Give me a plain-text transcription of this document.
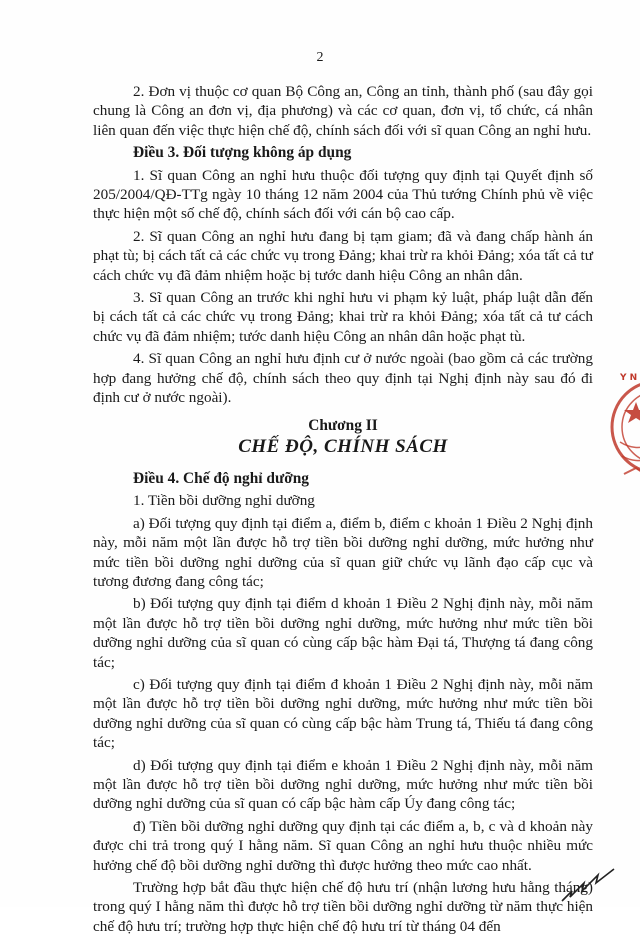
2

2. Đơn vị thuộc cơ quan Bộ Công an, Công an tỉnh, thành phố (sau đây gọi chung là Công an đơn vị, địa phương) và các cơ quan, đơn vị, tổ chức, cá nhân liên quan đến việc thực hiện chế độ, chính sách đối với sĩ quan Công an nghỉ hưu.

Điều 3. Đối tượng không áp dụng

1. Sĩ quan Công an nghỉ hưu thuộc đối tượng quy định tại Quyết định số 205/2004/QĐ-TTg ngày 10 tháng 12 năm 2004 của Thủ tướng Chính phủ về việc thực hiện một số chế độ, chính sách đối với cán bộ cao cấp.

2. Sĩ quan Công an nghỉ hưu đang bị tạm giam; đã và đang chấp hành án phạt tù; bị cách tất cả các chức vụ trong Đảng; khai trừ ra khỏi Đảng; xóa tất cả tư cách chức vụ đã đảm nhiệm hoặc bị tước danh hiệu Công an nhân dân.

3. Sĩ quan Công an trước khi nghỉ hưu vi phạm kỷ luật, pháp luật dẫn đến bị cách tất cả các chức vụ trong Đảng; khai trừ ra khỏi Đảng; xóa tất cả tư cách chức vụ đã đảm nhiệm; tước danh hiệu Công an nhân dân hoặc phạt tù.

4. Sĩ quan Công an nghỉ hưu định cư ở nước ngoài (bao gồm cả các trường hợp đang hưởng chế độ, chính sách theo quy định tại Nghị định này sau đó đi định cư ở nước ngoài).

Chương II

CHẾ ĐỘ, CHÍNH SÁCH

Điều 4. Chế độ nghỉ dưỡng

1. Tiền bồi dưỡng nghỉ dưỡng

a) Đối tượng quy định tại điểm a, điểm b, điểm c khoản 1 Điều 2 Nghị định này, mỗi năm một lần được hỗ trợ tiền bồi dưỡng nghỉ dưỡng, mức hưởng như mức tiền bồi dưỡng nghỉ dưỡng của sĩ quan giữ chức vụ lãnh đạo cấp cục và tương đương đang công tác;

b) Đối tượng quy định tại điểm d khoản 1 Điều 2 Nghị định này, mỗi năm một lần được hỗ trợ tiền bồi dưỡng nghỉ dưỡng, mức hưởng như mức tiền bồi dưỡng nghỉ dưỡng của sĩ quan có cùng cấp bậc hàm Đại tá, Thượng tá đang công tác;

c) Đối tượng quy định tại điểm đ khoản 1 Điều 2 Nghị định này, mỗi năm một lần được hỗ trợ tiền bồi dưỡng nghỉ dưỡng, mức hưởng như mức tiền bồi dưỡng nghỉ dưỡng của sĩ quan có cùng cấp bậc hàm Trung tá, Thiếu tá đang công tác;

d) Đối tượng quy định tại điểm e khoản 1 Điều 2 Nghị định này, mỗi năm một lần được hỗ trợ tiền bồi dưỡng nghỉ dưỡng, mức hưởng như mức tiền bồi dưỡng nghỉ dưỡng của sĩ quan có cấp bậc hàm cấp Úy đang công tác;

đ) Tiền bồi dưỡng nghỉ dưỡng quy định tại các điểm a, b, c và d khoản này được chi trả trong quý I hằng năm. Sĩ quan Công an nghỉ hưu thuộc nhiều mức hưởng chế độ bồi dưỡng nghỉ dưỡng thì được hưởng theo mức cao nhất.

Trường hợp bắt đầu thực hiện chế độ hưu trí (nhận lương hưu hằng tháng) trong quý I hằng năm thì được hỗ trợ tiền bồi dưỡng nghỉ dưỡng từ năm thực hiện chế độ hưu trí; trường hợp thực hiện chế độ hưu trí từ tháng 04 đến

Y N
